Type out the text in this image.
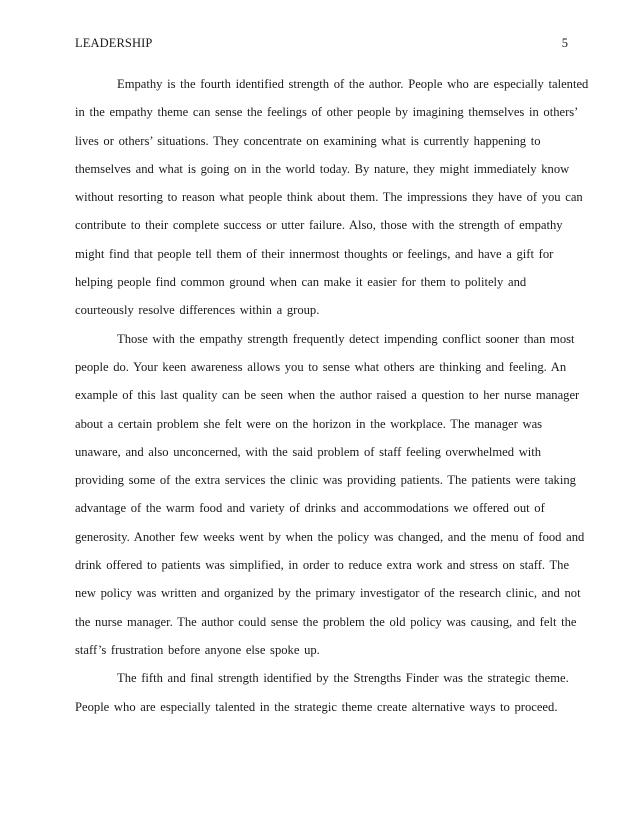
LEADERSHIP	5
Empathy is the fourth identified strength of the author. People who are especially talented
in the empathy theme can sense the feelings of other people by imagining themselves in others’
lives or others’ situations. They concentrate on examining what is currently happening to
themselves and what is going on in the world today. By nature, they might immediately know
without resorting to reason what people think about them. The impressions they have of you can
contribute to their complete success or utter failure. Also, those with the strength of empathy
might find that people tell them of their innermost thoughts or feelings, and have a gift for
helping people find common ground when can make it easier for them to politely and
courteously resolve differences within a group.
Those with the empathy strength frequently detect impending conflict sooner than most
people do. Your keen awareness allows you to sense what others are thinking and feeling. An
example of this last quality can be seen when the author raised a question to her nurse manager
about a certain problem she felt were on the horizon in the workplace. The manager was
unaware, and also unconcerned, with the said problem of staff feeling overwhelmed with
providing some of the extra services the clinic was providing patients. The patients were taking
advantage of the warm food and variety of drinks and accommodations we offered out of
generosity. Another few weeks went by when the policy was changed, and the menu of food and
drink offered to patients was simplified, in order to reduce extra work and stress on staff. The
new policy was written and organized by the primary investigator of the research clinic, and not
the nurse manager. The author could sense the problem the old policy was causing, and felt the
staff’s frustration before anyone else spoke up.
The fifth and final strength identified by the Strengths Finder was the strategic theme.
People who are especially talented in the strategic theme create alternative ways to proceed.
